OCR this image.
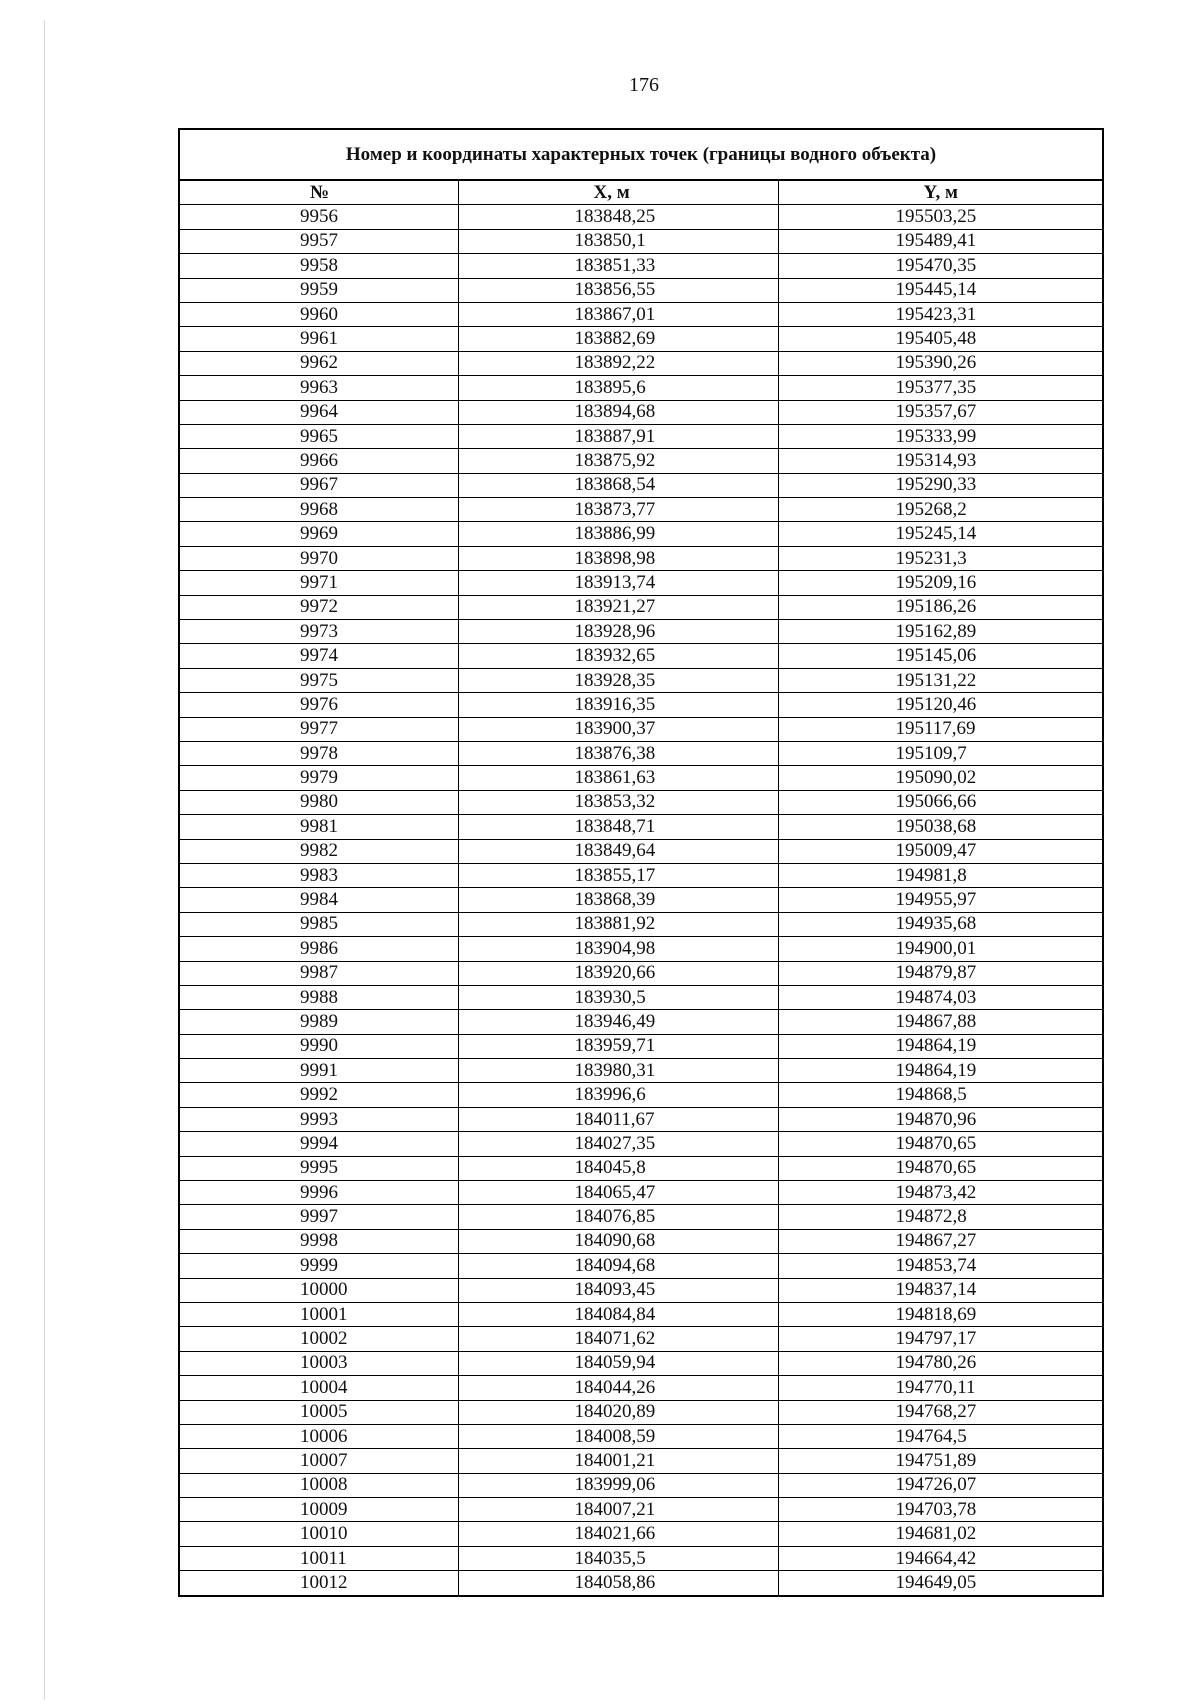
176
Номер и координаты характерных точек (границы водного объекта)		
№	X, м	Y, м
9956	183848,25	195503,25
9957	183850,1	195489,41
9958	183851,33	195470,35
9959	183856,55	195445,14
9960	183867,01	195423,31
9961	183882,69	195405,48
9962	183892,22	195390,26
9963	183895,6	195377,35
9964	183894,68	195357,67
9965	183887,91	195333,99
9966	183875,92	195314,93
9967	183868,54	195290,33
9968	183873,77	195268,2
9969	183886,99	195245,14
9970	183898,98	195231,3
9971	183913,74	195209,16
9972	183921,27	195186,26
9973	183928,96	195162,89
9974	183932,65	195145,06
9975	183928,35	195131,22
9976	183916,35	195120,46
9977	183900,37	195117,69
9978	183876,38	195109,7
9979	183861,63	195090,02
9980	183853,32	195066,66
9981	183848,71	195038,68
9982	183849,64	195009,47
9983	183855,17	194981,8
9984	183868,39	194955,97
9985	183881,92	194935,68
9986	183904,98	194900,01
9987	183920,66	194879,87
9988	183930,5	194874,03
9989	183946,49	194867,88
9990	183959,71	194864,19
9991	183980,31	194864,19
9992	183996,6	194868,5
9993	184011,67	194870,96
9994	184027,35	194870,65
9995	184045,8	194870,65
9996	184065,47	194873,42
9997	184076,85	194872,8
9998	184090,68	194867,27
9999	184094,68	194853,74
10000	184093,45	194837,14
10001	184084,84	194818,69
10002	184071,62	194797,17
10003	184059,94	194780,26
10004	184044,26	194770,11
10005	184020,89	194768,27
10006	184008,59	194764,5
10007	184001,21	194751,89
10008	183999,06	194726,07
10009	184007,21	194703,78
10010	184021,66	194681,02
10011	184035,5	194664,42
10012	184058,86	194649,05
